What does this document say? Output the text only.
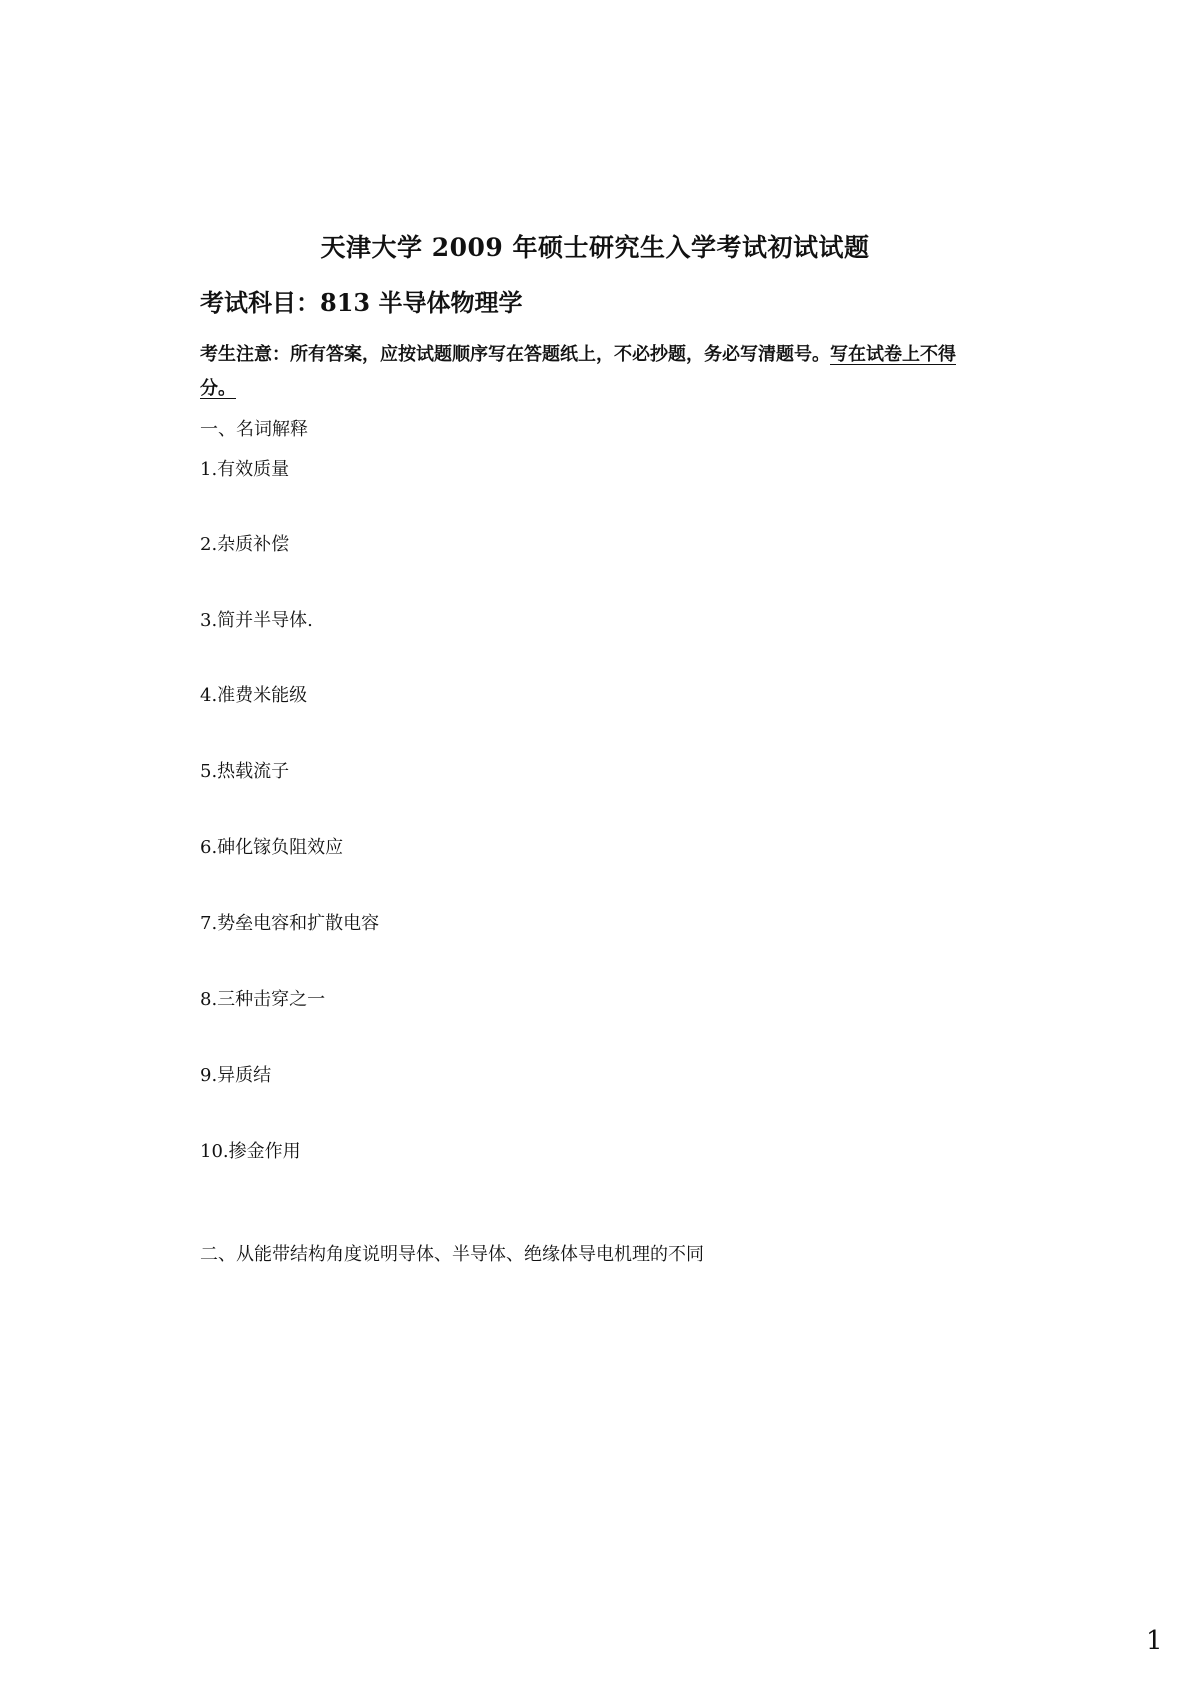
天津大学 2009 年硕士研究生入学考试初试试题
考试科目：813 半导体物理学
考生注意：所有答案，应按试题顺序写在答题纸上，不必抄题，务必写清题号。写在试卷上不得分。
一、名词解释
1.有效质量
2.杂质补偿
3.简并半导体.
4.准费米能级
5.热载流子
6.砷化镓负阻效应
7.势垒电容和扩散电容
8.三种击穿之一
9.异质结
10.掺金作用
二、从能带结构角度说明导体、半导体、绝缘体导电机理的不同
1
